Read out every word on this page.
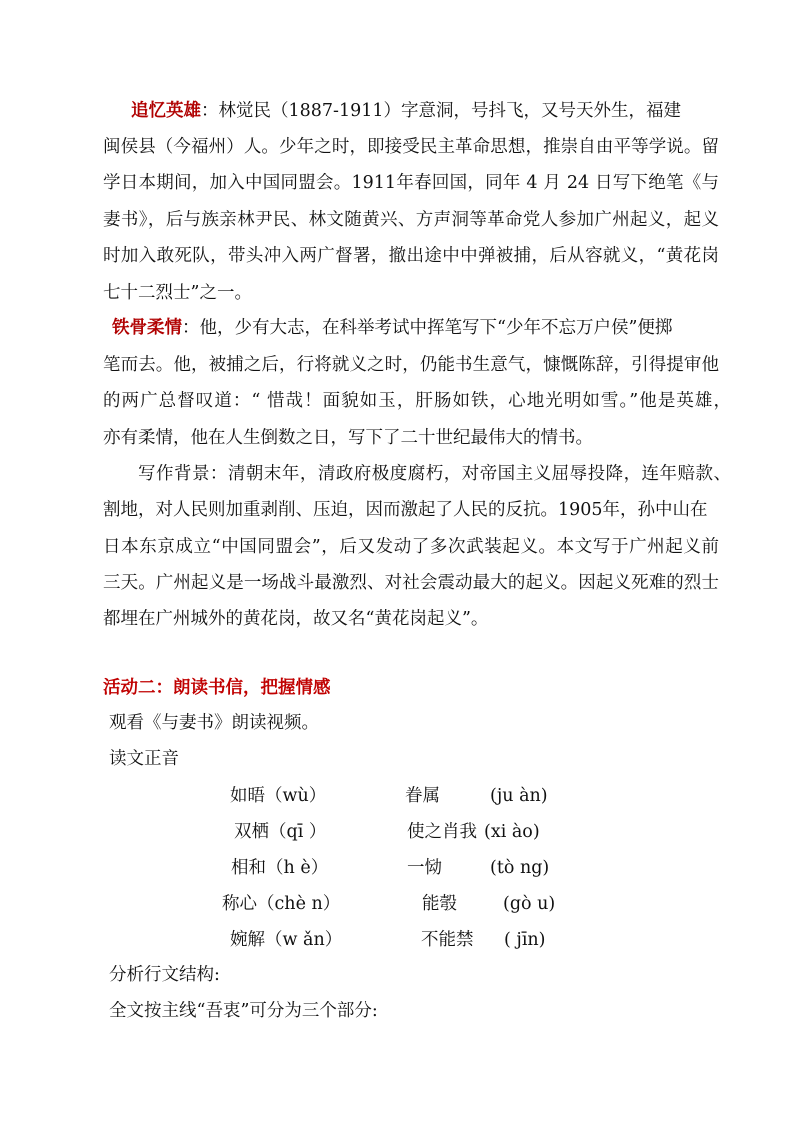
追忆英雄：林觉民（1887-1911）字意洞，号抖飞，又号天外生，福建
闽侯县（今福州）人。少年之时，即接受民主革命思想，推崇自由平等学说。留
学日本期间，加入中国同盟会。1911年春回国，同年 4 月 24 日写下绝笔《与
妻书》，后与族亲林尹民、林文随黄兴、方声洞等革命党人参加广州起义，起义
时加入敢死队，带头冲入两广督署，撤出途中中弹被捕，后从容就义，“黄花岗
七十二烈士”之一。
铁骨柔情：他，少有大志，在科举考试中挥笔写下“少年不忘万户侯”便掷
笔而去。他，被捕之后，行将就义之时，仍能书生意气，慷慨陈辞，引得提审他
的两广总督叹道：“ 惜哉！面貌如玉，肝肠如铁，心地光明如雪。”他是英雄，
亦有柔情，他在人生倒数之日，写下了二十世纪最伟大的情书。
写作背景：清朝末年，清政府极度腐朽，对帝国主义屈辱投降，连年赔款、
割地，对人民则加重剥削、压迫，因而激起了人民的反抗。1905年，孙中山在
日本东京成立“中国同盟会”，后又发动了多次武装起义。本文写于广州起义前
三天。广州起义是一场战斗最激烈、对社会震动最大的起义。因起义死难的烈士
都埋在广州城外的黄花岗，故又名“黄花岗起义”。
活动二：朗读书信，把握情感
观看《与妻书》朗读视频。
读文正音
如晤（wù）	眷属	(ju àn)
双栖（qī ）	使之肖我 (xi ào)
相和（h è）	一恸	(tò ng)
称心（chè n）	能彀	(gò u)
婉解（w ǎn）	不能禁 ( jīn)
分析行文结构:
全文按主线“吾衷”可分为三个部分:
